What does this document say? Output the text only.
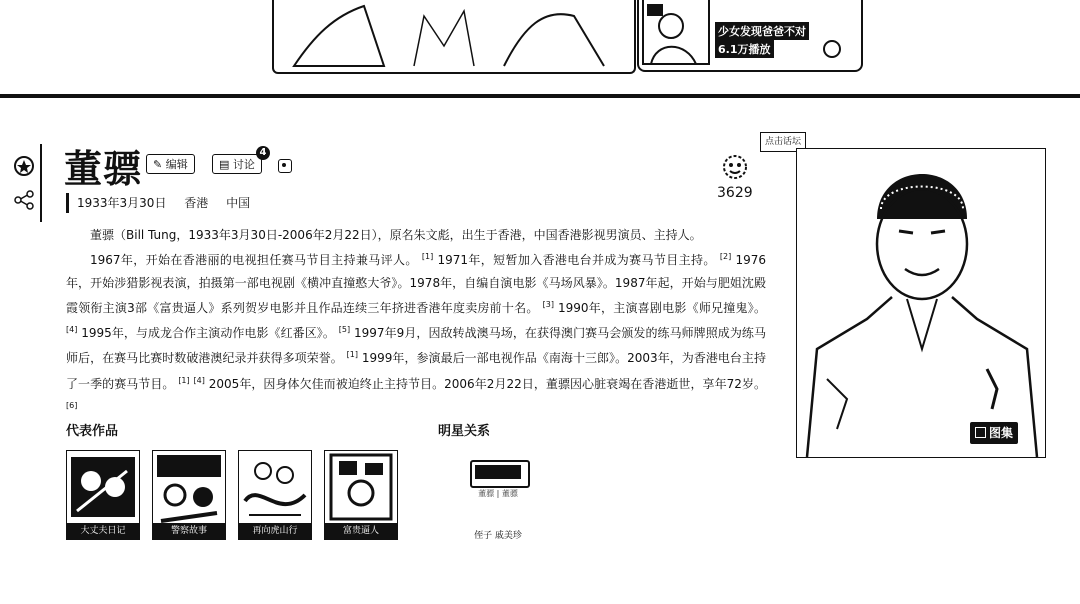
少女发现爸爸不对
6.1万播放
董骠 ✎ 编辑	▤ 讨论
4
3629
1933年3月30日 香港 中国

董骠（Bill Tung，1933年3月30日-2006年2月22日），原名朱文彪，出生于香港，中国香港影视男演员、主持人。

1967年，开始在香港丽的电视担任赛马节目主持兼马评人。 [1] 1971年，短暂加入香港电台并成为赛马节目主持。 [2] 1976年，开始涉猎影视表演，拍摄第一部电视剧《横冲直撞憨大爷》。1978年，自编自演电影《马场风暴》。1987年起，开始与肥姐沈殿霞领衔主演3部《富贵逼人》系列贺岁电影并且作品连续三年挤进香港年度卖房前十名。 [3] 1990年，主演喜剧电影《师兄撞鬼》。 [4] 1995年，与成龙合作主演动作电影《红番区》。 [5] 1997年9月，因敌转战澳马场，在获得澳门赛马会颁发的练马师牌照成为练马师后，在赛马比赛时数破港澳纪录并获得多项荣誉。 [1] 1999年，参演最后一部电视作品《南海十三郎》。2003年，为香港电台主持了一季的赛马节目。 [1] [4] 2005年，因身体欠佳而被迫终止主持节目。2006年2月22日，董骠因心脏衰竭在香港逝世，享年72岁。 [6]

点击话坛
图集
代表作品
大丈夫日记	警察故事	再向虎山行	富贵逼人
明星关系
董骠 | 董骠
侄子 戚美珍
